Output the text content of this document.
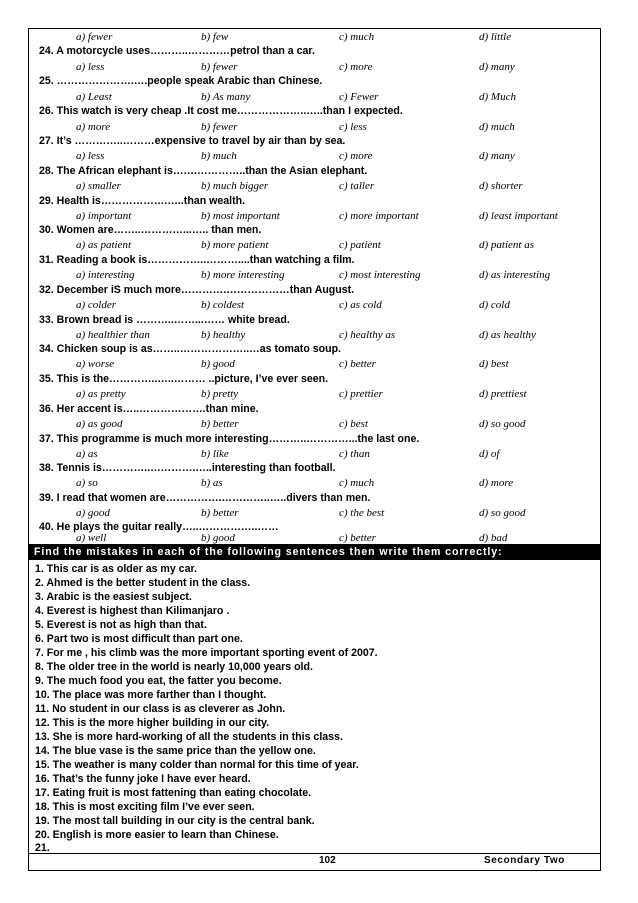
a) fewer	b) few	c) much	d) little
24. A motorcycle uses………..…………petrol than a car.
a) less	b) fewer	c) more	d) many
25. ………………….….people speak Arabic than Chinese.
a) Least	b) As many	c) Fewer	d) Much
26. This watch is very cheap .It cost me………………..…..than I expected.
a) more	b) fewer	c) less	d) much
27. It’s …………..………expensive to travel by air than by sea.
a) less	b) much	c) more	d) many
28. The African elephant is…….…………..than the Asian elephant.
a) smaller	b) much bigger	c) taller	d) shorter
29. Health is……………….…..than wealth.
a) important	b) most important	c) more important	d) least important
30. Women are……..…………...….. than men.
a) as patient	b) more patient	c) patient	d) patient as
31. Reading a book is……………..………....than watching a film.
a) interesting	b) more interesting	c) most interesting	d) as interesting
32. December iS much more………….………………than August.
a) colder	b) coldest	c) as cold	d) cold
33. Brown bread is ………..……...…… white bread.
a) healthier than	b) healthy	c) healthy as	d) as healthy
34. Chicken soup is as……..………………..…as tomato soup.
a) worse	b) good	c) better	d) best
35. This is the…………..…..……… ..picture, I’ve ever seen.
a) as pretty	b) pretty	c) prettier	d) prettiest
36. Her accent is…..……………….than mine.
a) as good	b) better	c) best	d) so good
37. This programme is much more interesting………..…………...the last one.
a) as	b) like	c) than	d) of
38. Tennis is…………..………….…..interesting than football.
a) so	b) as	c) much	d) more
39. I read that women are…………….…………..…..divers than men.
a) good	b) better	c) the best	d) so good
40. He plays the guitar really…..……………..……
a) well	b) good	c) better	d) bad
Find the mistakes in each of the following sentences then write them correctly:
1. This car is as older as my car.
2. Ahmed is the better student in the class.
3. Arabic is the easiest subject.
4. Everest is highest than Kilimanjaro .
5. Everest is not as high than that.
6. Part two is most difficult than part one.
7. For me , his climb was the more important sporting event of 2007.
8. The older tree in the world is nearly 10,000 years old.
9. The much food you eat, the fatter you become.
10. The place was more farther than I thought.
11. No student in our class is as cleverer as John.
12. This is the more higher building in our city.
13. She is more hard-working of all the students in this class.
14. The blue vase is the same price than the yellow one.
15. The weather is many colder than normal for this time of year.
16. That’s the funny joke I have ever heard.
17. Eating fruit is most fattening than eating chocolate.
18. This is most exciting film I’ve ever seen.
19. The most tall building in our city is the central bank.
20. English is more easier to learn than Chinese.
21.
102	Secondary Two
